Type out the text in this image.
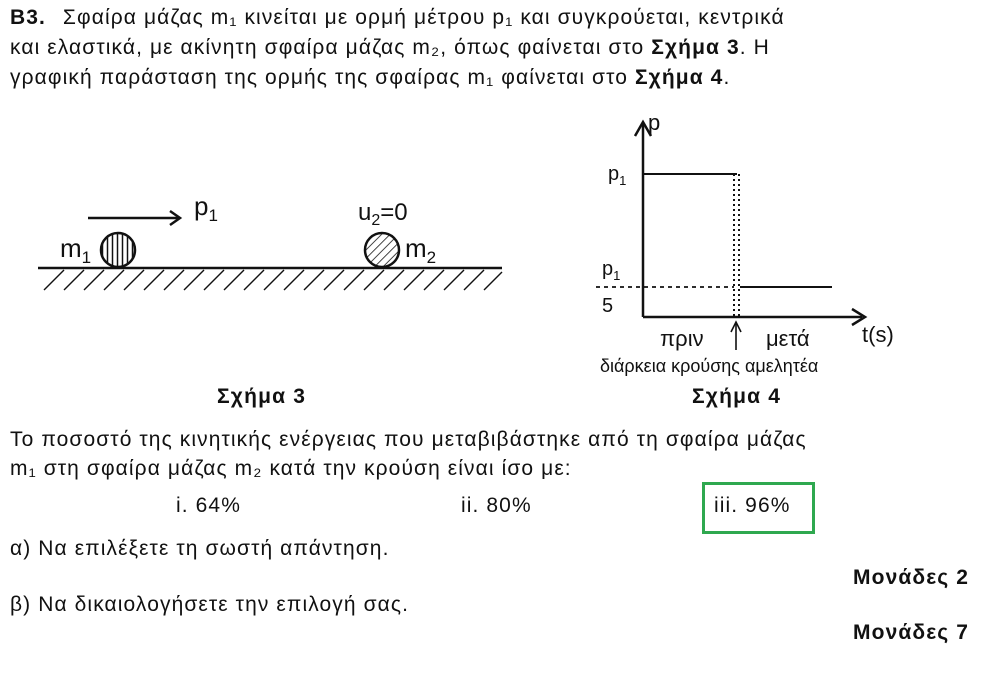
Β3. Σφαίρα μάζας m₁ κινείται με ορμή μέτρου p₁ και συγκρούεται, κεντρικά
και ελαστικά, με ακίνητη σφαίρα μάζας m₂, όπως φαίνεται στο Σχήμα 3. Η
γραφική παράσταση της ορμής της σφαίρας m₁ φαίνεται στο Σχήμα 4.
$m_1$
$p_1$
$m_2$
$u_2=0$
Σχήμα 3
p
t(s)
$p_1$
$p_1$
5
πριν	μετά
διάρκεια κρούσης αμελητέα
Σχήμα 4
Το ποσοστό της κινητικής ενέργειας που μεταβιβάστηκε από τη σφαίρα μάζας
m₁ στη σφαίρα μάζας m₂ κατά την κρούση είναι ίσο με:
i. 64%	ii. 80%	iii. 96%
α) Να επιλέξετε τη σωστή απάντηση.
Μονάδες 2
β) Να δικαιολογήσετε την επιλογή σας.
Μονάδες 7
